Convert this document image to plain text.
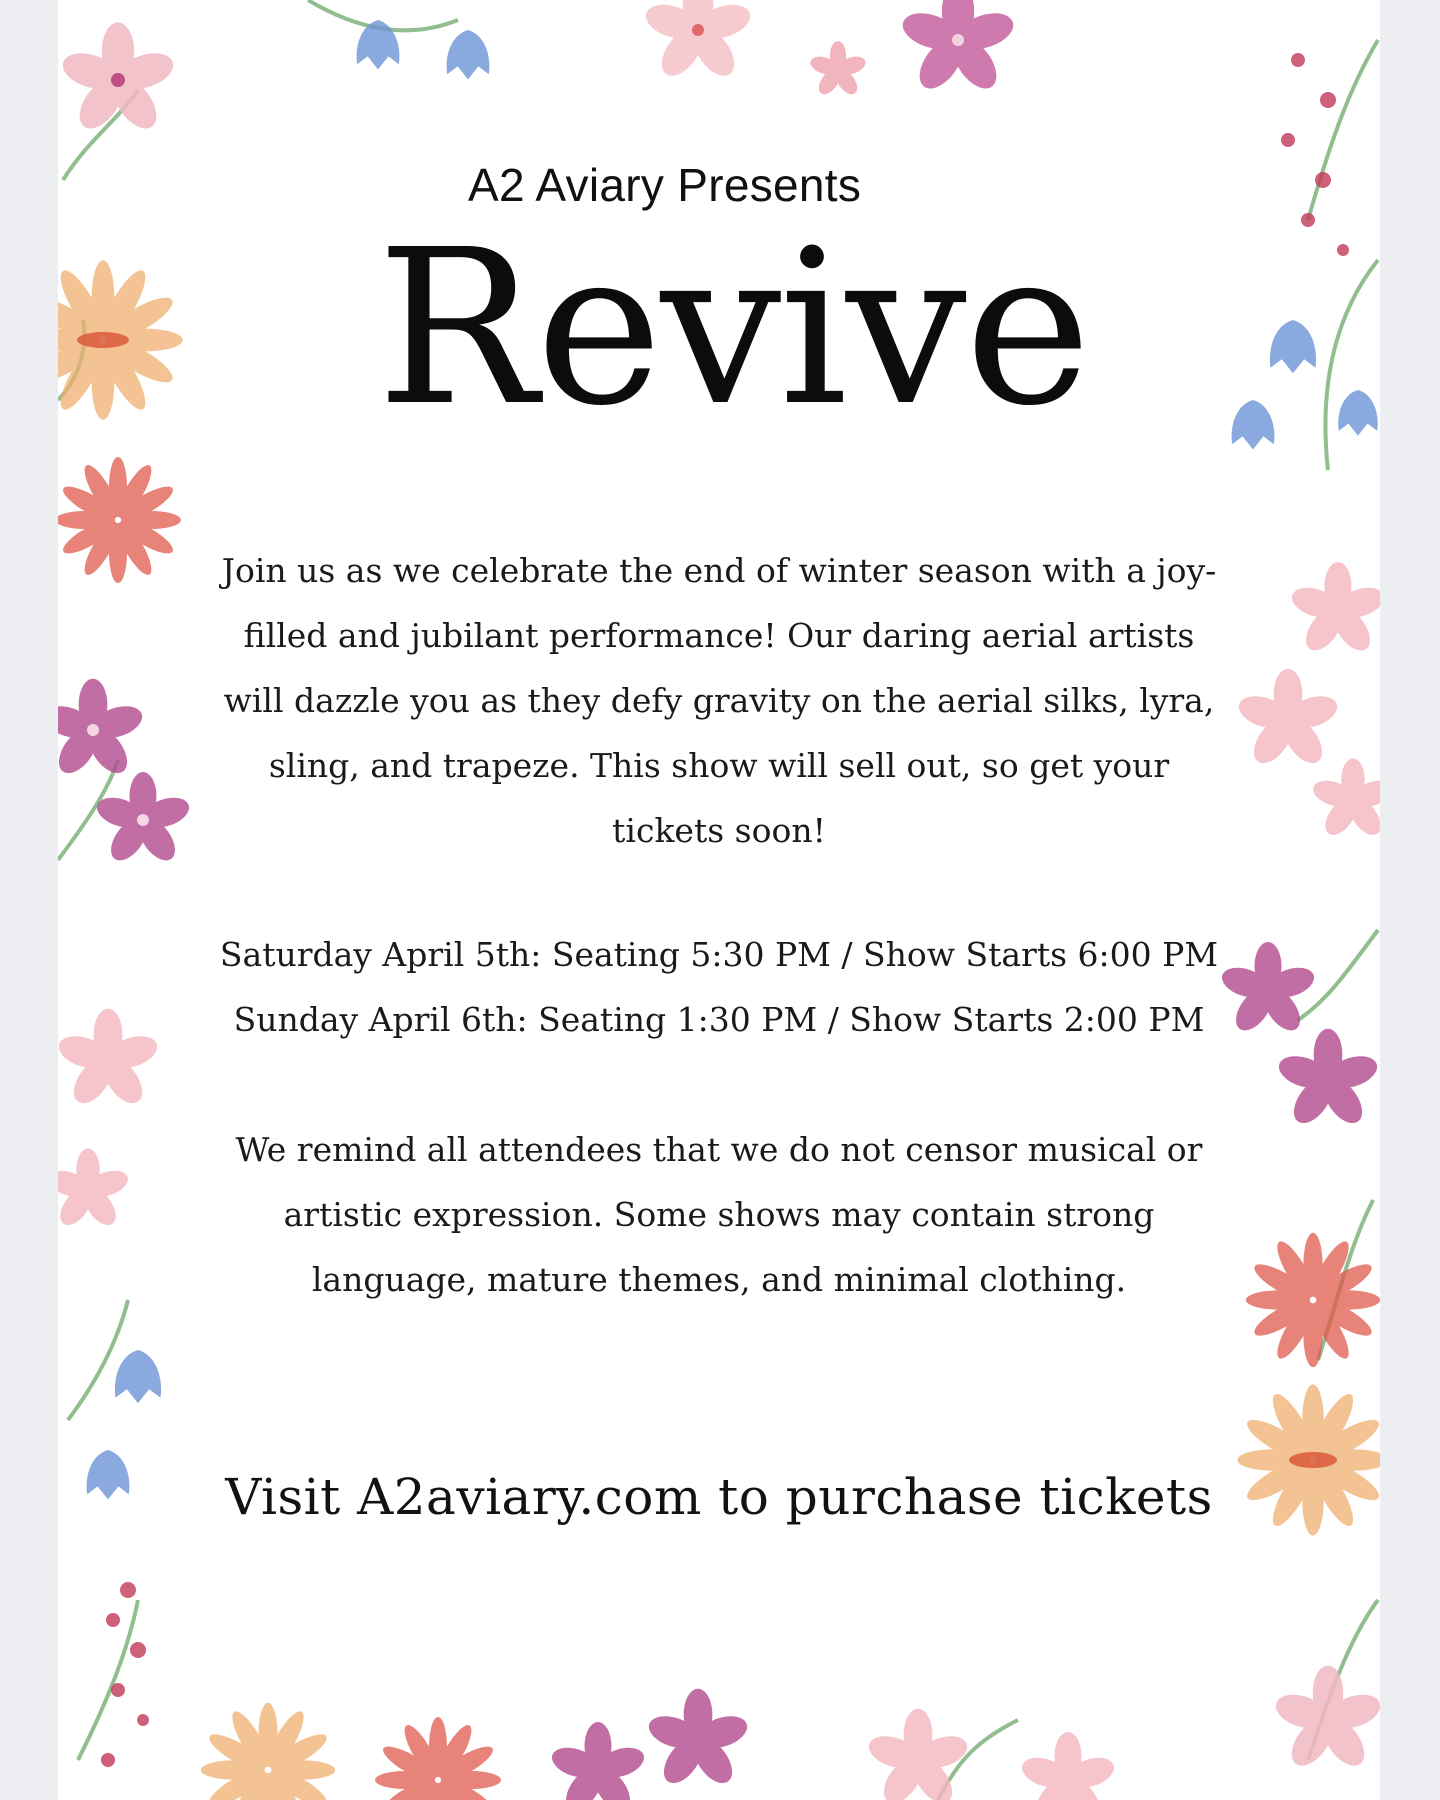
A2 Aviary Presents
Revive
Join us as we celebrate the end of winter season with a joy-
filled and jubilant performance! Our daring aerial artists
will dazzle you as they defy gravity on the aerial silks, lyra,
sling, and trapeze. This show will sell out, so get your
tickets soon!
Saturday April 5th: Seating 5:30 PM / Show Starts 6:00 PM
Sunday April 6th: Seating 1:30 PM / Show Starts 2:00 PM
We remind all attendees that we do not censor musical or
artistic expression. Some shows may contain strong
language, mature themes, and minimal clothing.
Visit A2aviary.com to purchase tickets
